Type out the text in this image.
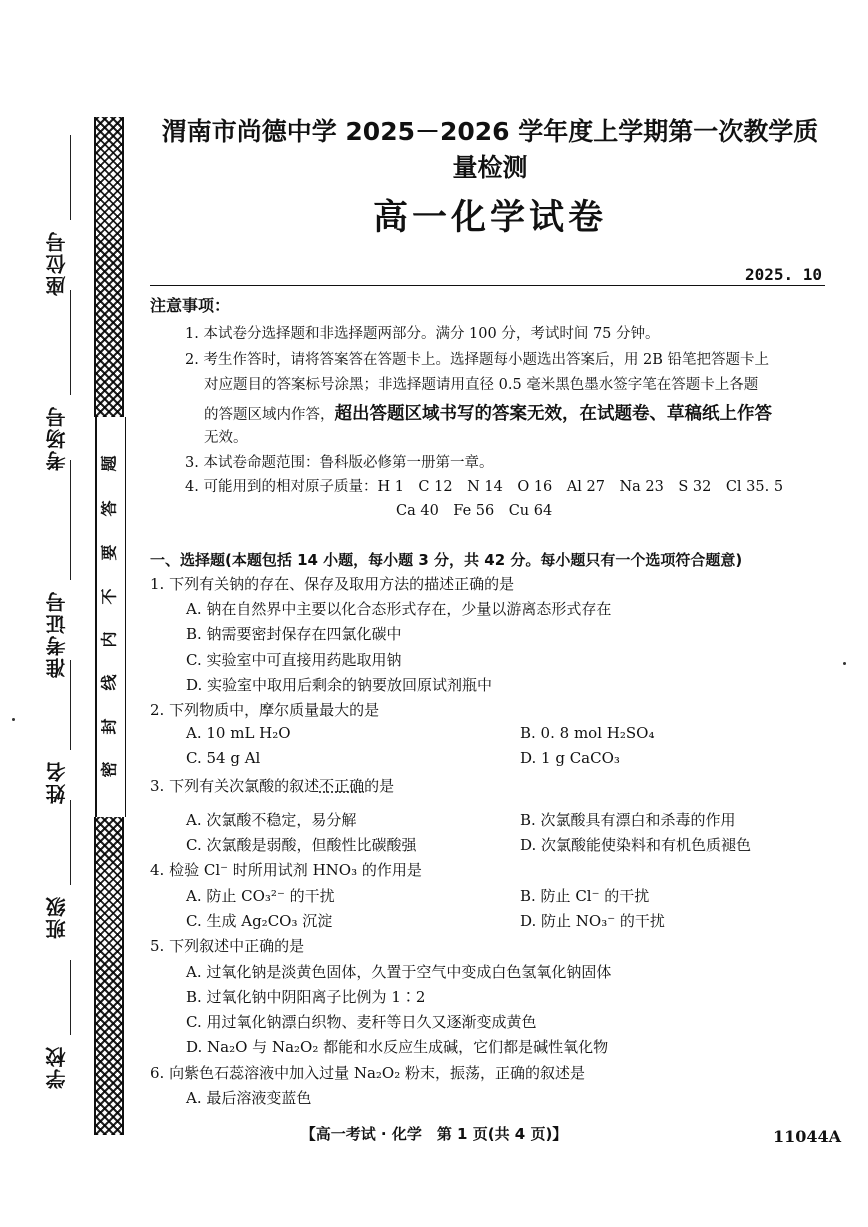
学校
班级
姓名
准考证号
考场号
座位号
题
答
要
不
内
线
封
密
渭南市尚德中学 2025－2026 学年度上学期第一次教学质量检测
高一化学试卷
2025. 10
注意事项：
1. 本试卷分选择题和非选择题两部分。满分 100 分，考试时间 75 分钟。
2. 考生作答时，请将答案答在答题卡上。选择题每小题选出答案后，用 2B 铅笔把答题卡上
对应题目的答案标号涂黑；非选择题请用直径 0.5 毫米黑色墨水签字笔在答题卡上各题
的答题区域内作答，超出答题区域书写的答案无效，在试题卷、草稿纸上作答
无效。
3. 本试卷命题范围：鲁科版必修第一册第一章。
4. 可能用到的相对原子质量：H 1　C 12　N 14　O 16　Al 27　Na 23　S 32　Cl 35. 5
Ca 40　Fe 56　Cu 64
一、选择题(本题包括 14 小题，每小题 3 分，共 42 分。每小题只有一个选项符合题意)
1. 下列有关钠的存在、保存及取用方法的描述正确的是
A. 钠在自然界中主要以化合态形式存在，少量以游离态形式存在
B. 钠需要密封保存在四氯化碳中
C. 实验室中可直接用药匙取用钠
D. 实验室中取用后剩余的钠要放回原试剂瓶中
2. 下列物质中，摩尔质量最大的是
A. 10 mL H₂O	B. 0. 8 mol H₂SO₄
C. 54 g Al	D. 1 g CaCO₃
3. 下列有关次氯酸的叙述不正确的是
A. 次氯酸不稳定，易分解	B. 次氯酸具有漂白和杀毒的作用
C. 次氯酸是弱酸，但酸性比碳酸强	D. 次氯酸能使染料和有机色质褪色
4. 检验 Cl⁻ 时所用试剂 HNO₃ 的作用是
A. 防止 CO₃²⁻ 的干扰	B. 防止 Cl⁻ 的干扰
C. 生成 Ag₂CO₃ 沉淀	D. 防止 NO₃⁻ 的干扰
5. 下列叙述中正确的是
A. 过氧化钠是淡黄色固体，久置于空气中变成白色氢氧化钠固体
B. 过氧化钠中阴阳离子比例为 1∶2
C. 用过氧化钠漂白织物、麦秆等日久又逐渐变成黄色
D. Na₂O 与 Na₂O₂ 都能和水反应生成碱，它们都是碱性氧化物
6. 向紫色石蕊溶液中加入过量 Na₂O₂ 粉末，振荡，正确的叙述是
A. 最后溶液变蓝色
【高一考试 · 化学　第 1 页(共 4 页)】	11044A
